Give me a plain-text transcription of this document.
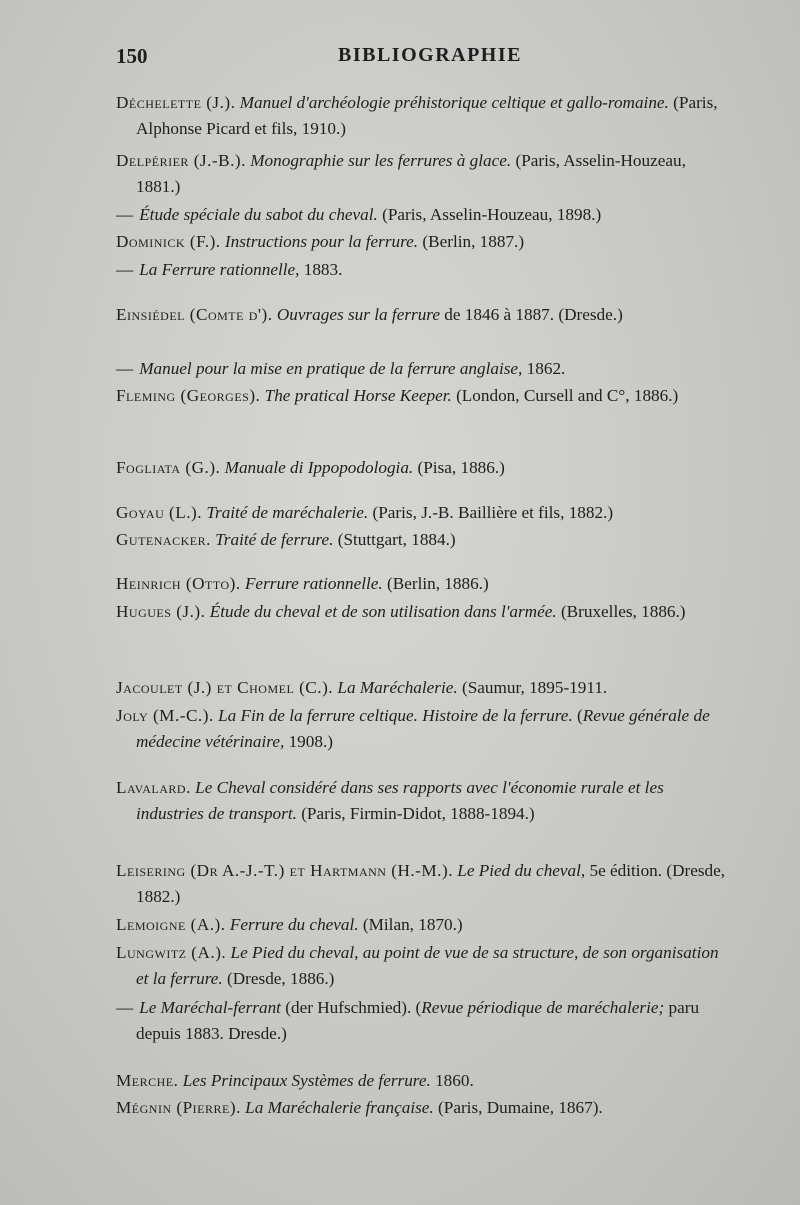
150	BIBLIOGRAPHIE
Déchelette (J.). Manuel d'archéologie préhistorique celtique et gallo-romaine. (Paris, Alphonse Picard et fils, 1910.)
Delpérier (J.-B.). Monographie sur les ferrures à glace. (Paris, Asselin-Houzeau, 1881.)
— Étude spéciale du sabot du cheval. (Paris, Asselin-Houzeau, 1898.)
Dominick (F.). Instructions pour la ferrure. (Berlin, 1887.)
— La Ferrure rationnelle, 1883.
Einsiédel (Comte d'). Ouvrages sur la ferrure de 1846 à 1887. (Dresde.)
— Manuel pour la mise en pratique de la ferrure anglaise, 1862.
Fleming (Georges). The pratical Horse Keeper. (London, Cursell and C°, 1886.)
Fogliata (G.). Manuale di Ippopodologia. (Pisa, 1886.)
Goyau (L.). Traité de maréchalerie. (Paris, J.-B. Baillière et fils, 1882.)
Gutenacker. Traité de ferrure. (Stuttgart, 1884.)
Heinrich (Otto). Ferrure rationnelle. (Berlin, 1886.)
Hugues (J.). Étude du cheval et de son utilisation dans l'armée. (Bruxelles, 1886.)
Jacoulet (J.) et Chomel (C.). La Maréchalerie. (Saumur, 1895-1911.
Joly (M.-C.). La Fin de la ferrure celtique. Histoire de la ferrure. (Revue générale de médecine vétérinaire, 1908.)
Lavalard. Le Cheval considéré dans ses rapports avec l'économie rurale et les industries de transport. (Paris, Firmin-Didot, 1888-1894.)
Leisering (Dr A.-J.-T.) et Hartmann (H.-M.). Le Pied du cheval, 5e édition. (Dresde, 1882.)
Lemoigne (A.). Ferrure du cheval. (Milan, 1870.)
Lungwitz (A.). Le Pied du cheval, au point de vue de sa structure, de son organisation et la ferrure. (Dresde, 1886.)
— Le Maréchal-ferrant (der Hufschmied). (Revue périodique de maréchalerie; paru depuis 1883. Dresde.)
Merche. Les Principaux Systèmes de ferrure. 1860.
Mégnin (Pierre). La Maréchalerie française. (Paris, Dumaine, 1867).
